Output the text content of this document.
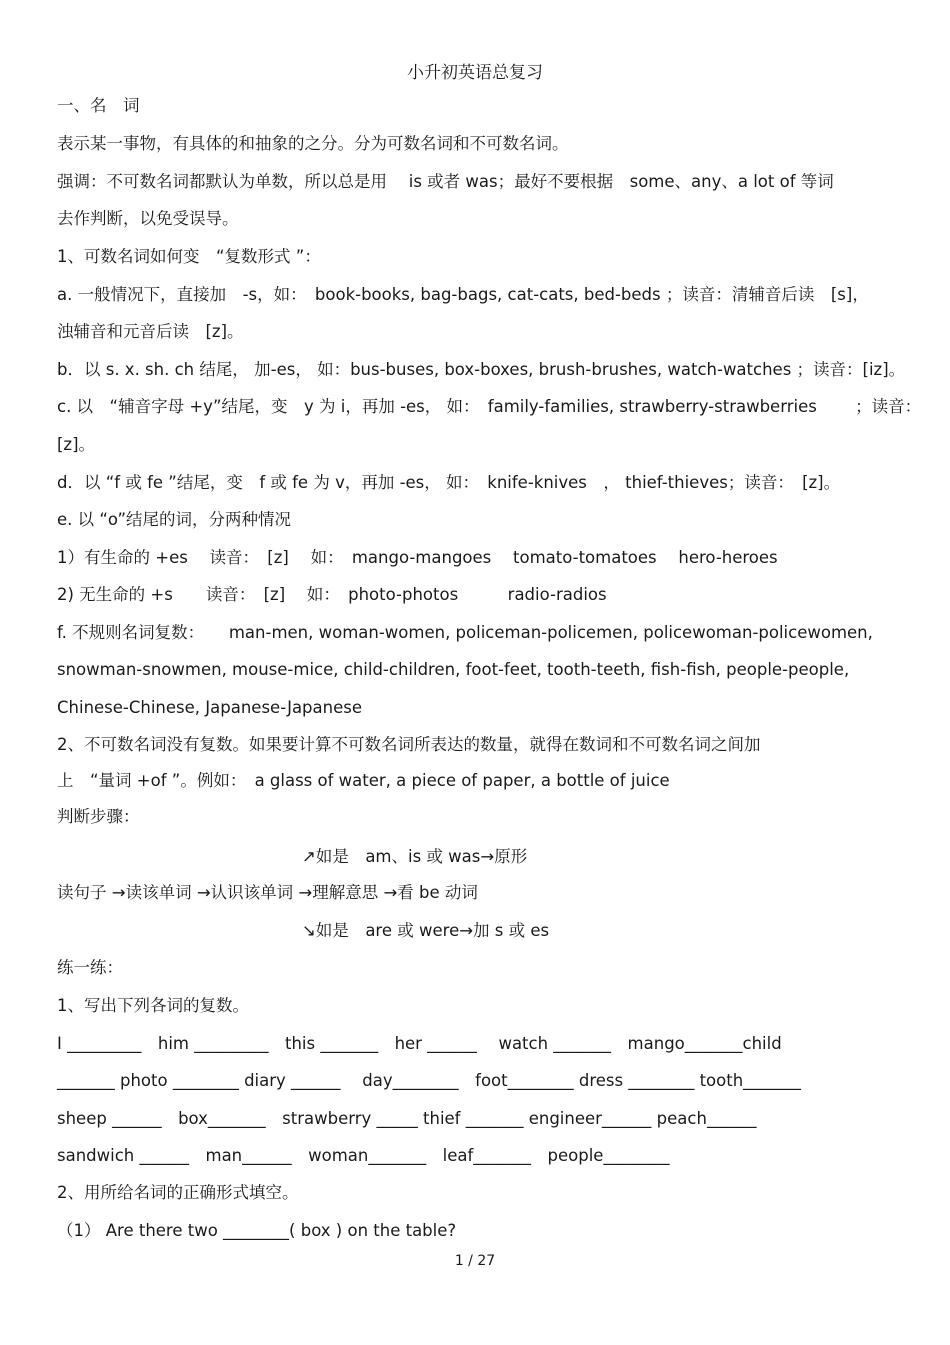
小升初英语总复习
一、名　词
表示某一事物，有具体的和抽象的之分。分为可数名词和不可数名词。
强调：不可数名词都默认为单数，所以总是用　 is 或者 was；最好不要根据　some、any、a lot of 等词
去作判断，以免受误导。
1、可数名词如何变　“复数形式 ”：
a. 一般情况下，直接加　-s，如：　book-books, bag-bags, cat-cats, bed-beds ；读音：清辅音后读　[s]，
浊辅音和元音后读　[z]。
b．以 s. x. sh. ch 结尾， 加-es， 如：bus-buses, box-boxes, brush-brushes, watch-watches ；读音：[iz]。
c. 以　“辅音字母 +y”结尾，变　y 为 i，再加 -es， 如：　family-families, strawberry-strawberries　　 ；读音：
[z]。
d．以 “f 或 fe ”结尾，变　f 或 fe 为 v，再加 -es， 如：　knife-knives　， thief-thieves；读音：　[z]。
e. 以 “o”结尾的词，分两种情况
1）有生命的 +es　 读音：　[z]　 如：　mango-mangoes　 tomato-tomatoes　 hero-heroes
2) 无生命的 +s　　读音：　[z]　 如：　photo-photos　　　radio-radios
f. 不规则名词复数：　　man-men, woman-women, policeman-policemen, policewoman-policewomen,
snowman-snowmen, mouse-mice, child-children, foot-feet, tooth-teeth, fish-fish, people-people,
Chinese-Chinese, Japanese-Japanese
2、不可数名词没有复数。如果要计算不可数名词所表达的数量，就得在数词和不可数名词之间加
上　“量词 +of ”。例如：　a glass of water, a piece of paper, a bottle of juice
判断步骤：
↗如是　am、is 或 was→原形
读句子 →读该单词 →认识该单词 →理解意思 →看 be 动词
↘如是　are 或 were→加 s 或 es
练一练：
1、写出下列各词的复数。
I _________　him _________　this _______　her ______　 watch _______　mango_______child
_______ photo ________ diary ______　 day________　foot________ dress ________ tooth_______
sheep ______　box_______　strawberry _____ thief _______ engineer______ peach______
sandwich ______　man______　woman_______　leaf_______　people________
2、用所给名词的正确形式填空。
（1） Are there two ________( box ) on the table?
1 / 27
